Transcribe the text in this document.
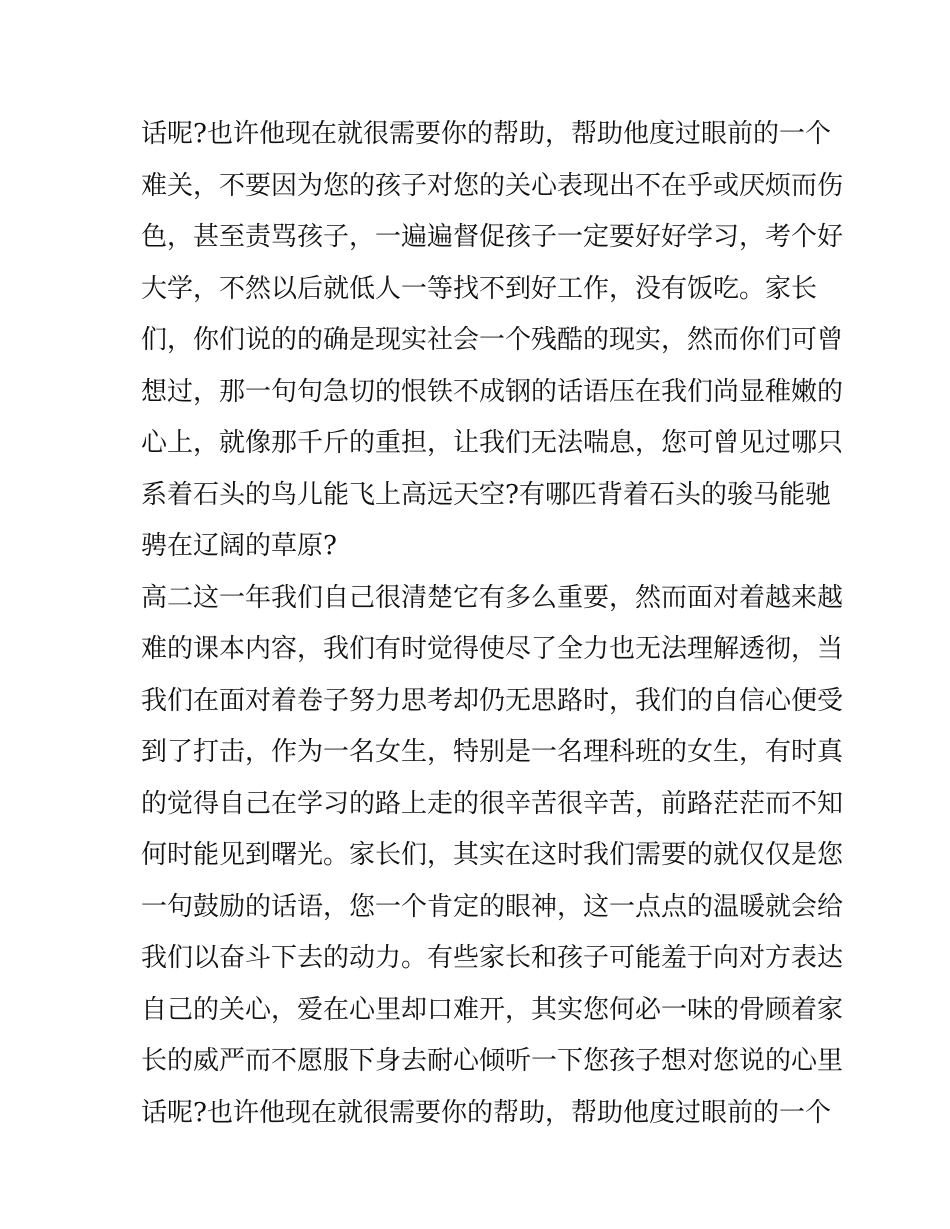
话呢?也许他现在就很需要你的帮助，帮助他度过眼前的一个
难关，不要因为您的孩子对您的关心表现出不在乎或厌烦而伤
色，甚至责骂孩子，一遍遍督促孩子一定要好好学习，考个好
大学，不然以后就低人一等找不到好工作，没有饭吃。家长
们，你们说的的确是现实社会一个残酷的现实，然而你们可曾
想过，那一句句急切的恨铁不成钢的话语压在我们尚显稚嫩的
心上，就像那千斤的重担，让我们无法喘息，您可曾见过哪只
系着石头的鸟儿能飞上高远天空?有哪匹背着石头的骏马能驰
骋在辽阔的草原?
高二这一年我们自己很清楚它有多么重要，然而面对着越来越
难的课本内容，我们有时觉得使尽了全力也无法理解透彻，当
我们在面对着卷子努力思考却仍无思路时，我们的自信心便受
到了打击，作为一名女生，特别是一名理科班的女生，有时真
的觉得自己在学习的路上走的很辛苦很辛苦，前路茫茫而不知
何时能见到曙光。家长们，其实在这时我们需要的就仅仅是您
一句鼓励的话语，您一个肯定的眼神，这一点点的温暖就会给
我们以奋斗下去的动力。有些家长和孩子可能羞于向对方表达
自己的关心，爱在心里却口难开，其实您何必一味的骨顾着家
长的威严而不愿服下身去耐心倾听一下您孩子想对您说的心里
话呢?也许他现在就很需要你的帮助，帮助他度过眼前的一个
